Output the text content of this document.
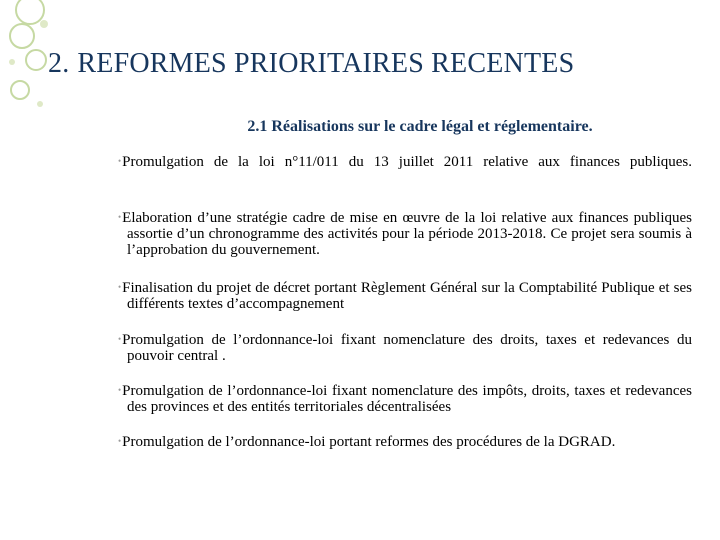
2. REFORMES PRIORITAIRES RECENTES
2.1 Réalisations sur le cadre légal et réglementaire.
•Promulgation de la loi n°11/011 du 13 juillet 2011 relative aux finances publiques.
•Elaboration d’une stratégie cadre de mise en œuvre de la loi relative aux finances publiques assortie d’un chronogramme des activités pour la période 2013-2018. Ce projet sera soumis à l’approbation du gouvernement.
•Finalisation du projet de décret portant Règlement Général sur la Comptabilité Publique et ses différents textes d’accompagnement
•Promulgation de l’ordonnance-loi fixant nomenclature des droits, taxes et redevances du pouvoir central .
•Promulgation de l’ordonnance-loi fixant nomenclature des impôts, droits, taxes et redevances des provinces et des entités territoriales décentralisées
•Promulgation de l’ordonnance-loi portant reformes des procédures de la DGRAD.
